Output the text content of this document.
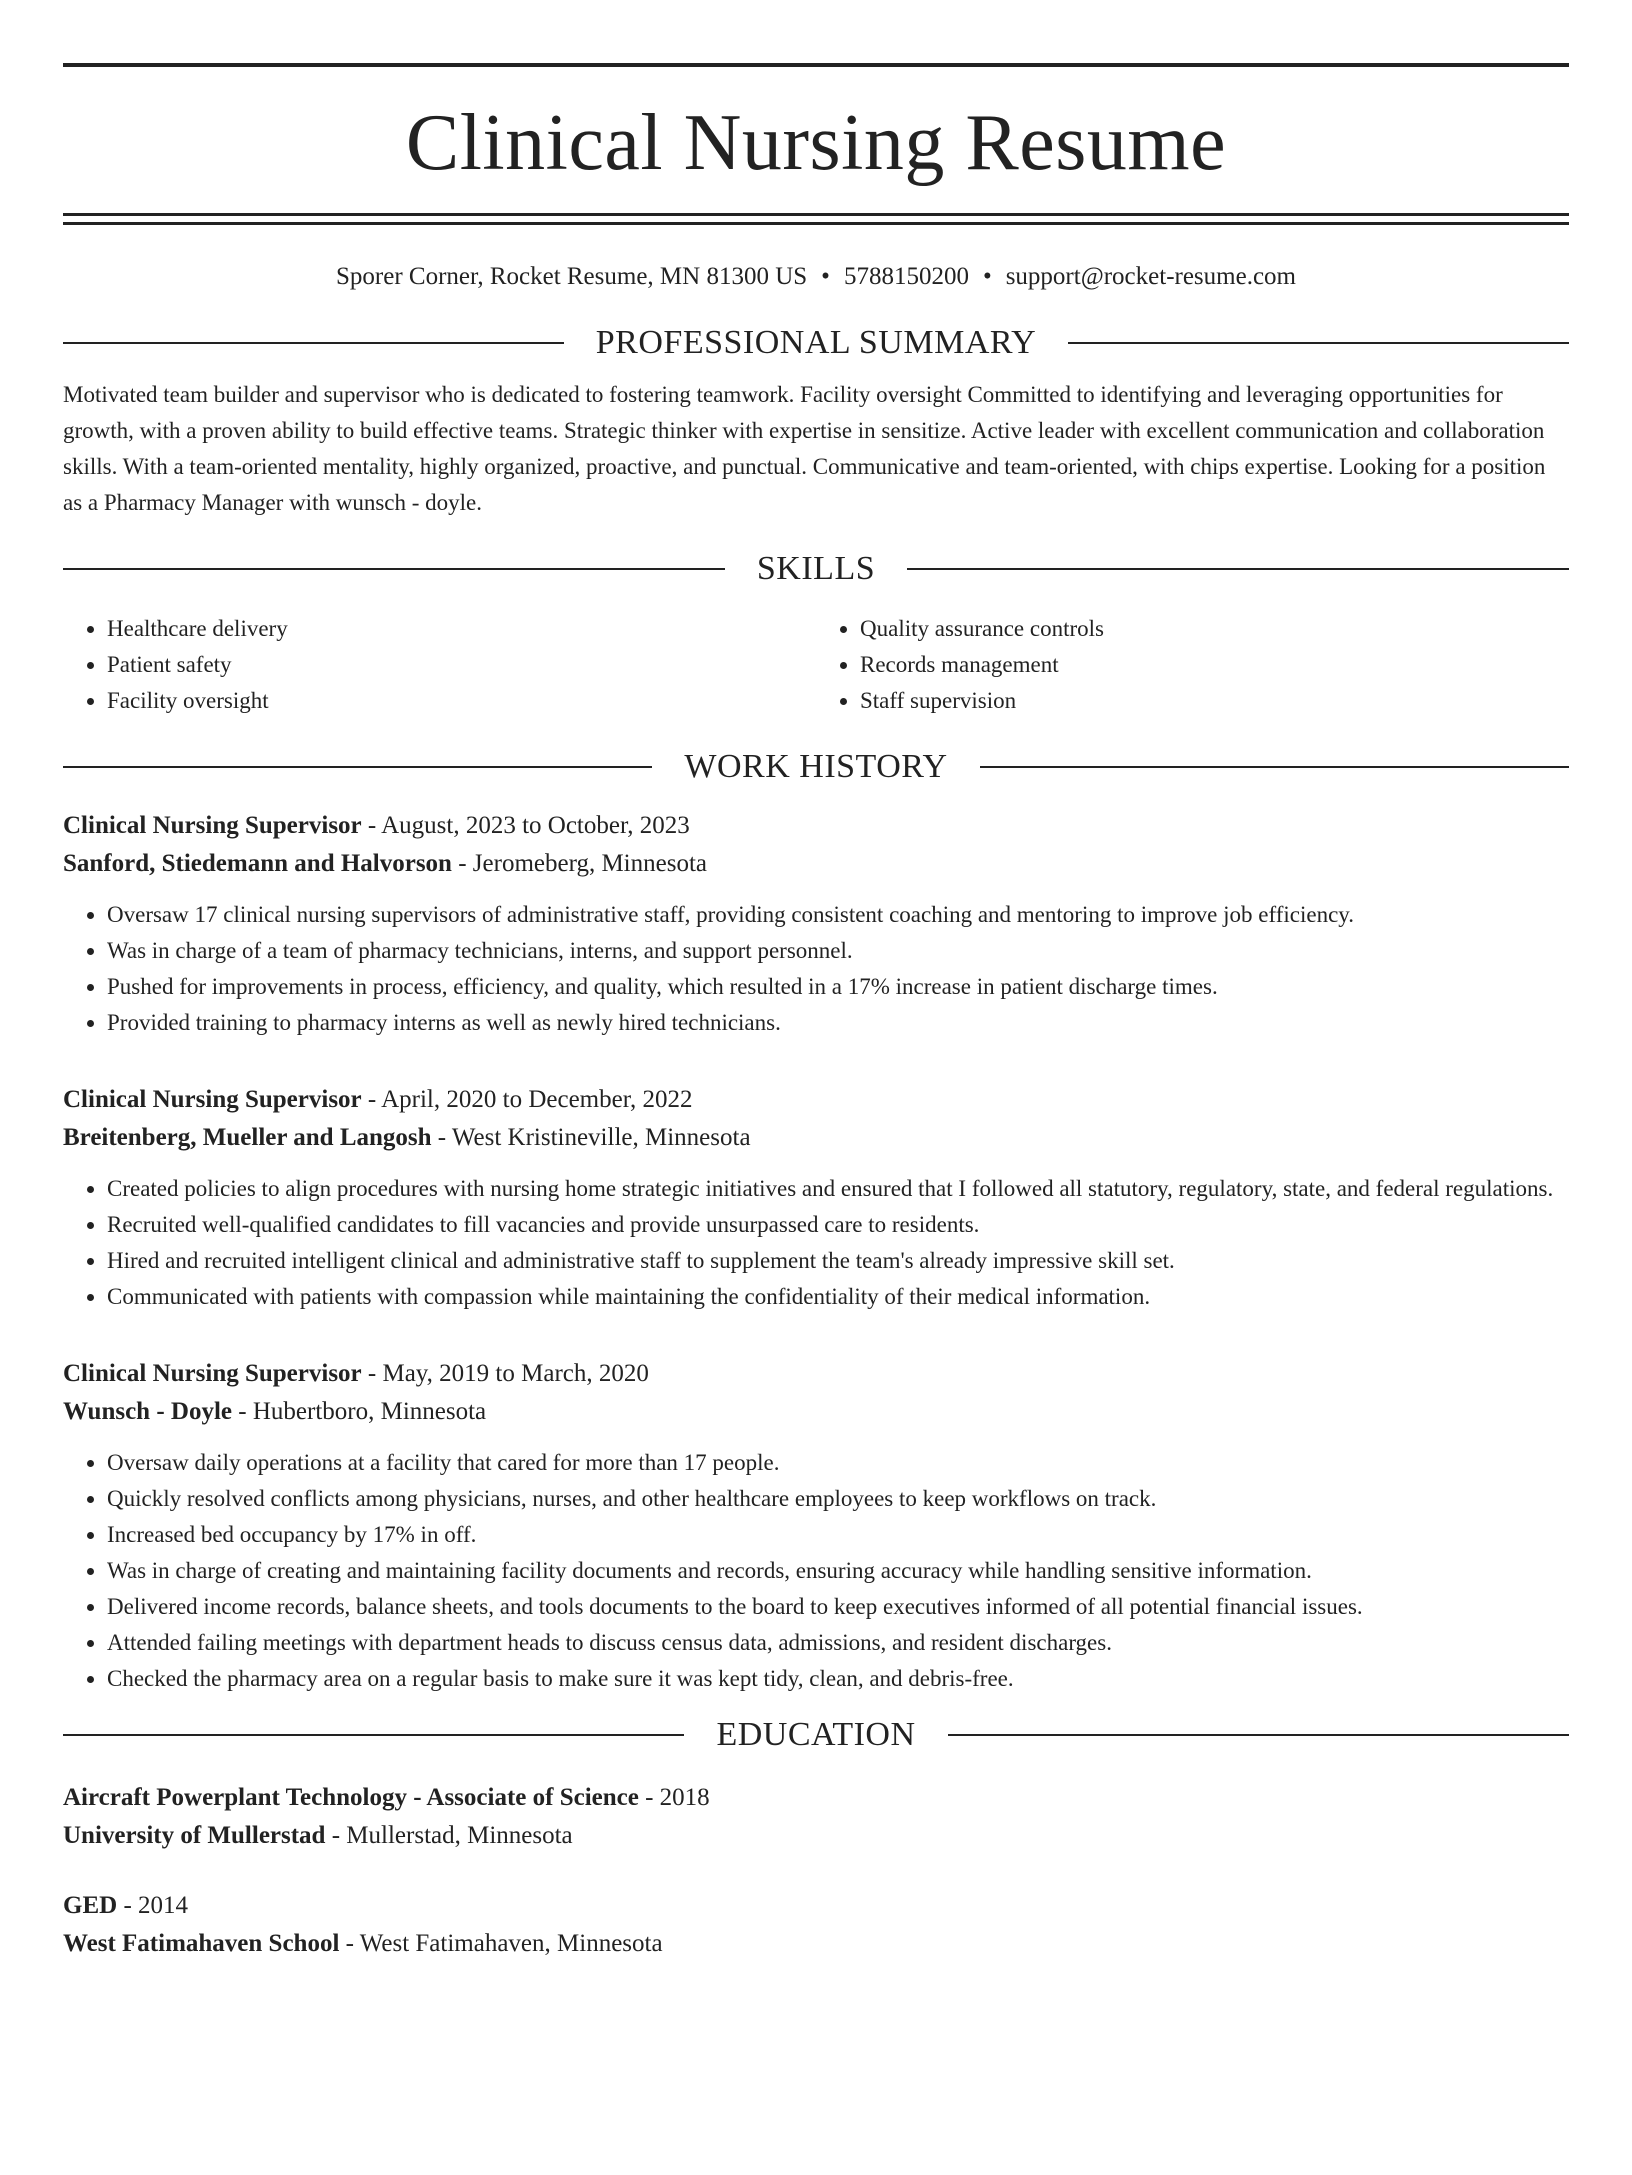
Clinical Nursing Resume
Sporer Corner, Rocket Resume, MN 81300 US • 5788150200 • support@rocket-resume.com
PROFESSIONAL SUMMARY
Motivated team builder and supervisor who is dedicated to fostering teamwork. Facility oversight Committed to identifying and leveraging opportunities for growth, with a proven ability to build effective teams. Strategic thinker with expertise in sensitize. Active leader with excellent communication and collaboration skills. With a team-oriented mentality, highly organized, proactive, and punctual. Communicative and team-oriented, with chips expertise. Looking for a position as a Pharmacy Manager with wunsch - doyle.
SKILLS
• Healthcare delivery
• Patient safety
• Facility oversight
• Quality assurance controls
• Records management
• Staff supervision
WORK HISTORY
Clinical Nursing Supervisor - August, 2023 to October, 2023
Sanford, Stiedemann and Halvorson - Jeromeberg, Minnesota
• Oversaw 17 clinical nursing supervisors of administrative staff, providing consistent coaching and mentoring to improve job efficiency.
• Was in charge of a team of pharmacy technicians, interns, and support personnel.
• Pushed for improvements in process, efficiency, and quality, which resulted in a 17% increase in patient discharge times.
• Provided training to pharmacy interns as well as newly hired technicians.
Clinical Nursing Supervisor - April, 2020 to December, 2022
Breitenberg, Mueller and Langosh - West Kristineville, Minnesota
• Created policies to align procedures with nursing home strategic initiatives and ensured that I followed all statutory, regulatory, state, and federal regulations.
• Recruited well-qualified candidates to fill vacancies and provide unsurpassed care to residents.
• Hired and recruited intelligent clinical and administrative staff to supplement the team's already impressive skill set.
• Communicated with patients with compassion while maintaining the confidentiality of their medical information.
Clinical Nursing Supervisor - May, 2019 to March, 2020
Wunsch - Doyle - Hubertboro, Minnesota
• Oversaw daily operations at a facility that cared for more than 17 people.
• Quickly resolved conflicts among physicians, nurses, and other healthcare employees to keep workflows on track.
• Increased bed occupancy by 17% in off.
• Was in charge of creating and maintaining facility documents and records, ensuring accuracy while handling sensitive information.
• Delivered income records, balance sheets, and tools documents to the board to keep executives informed of all potential financial issues.
• Attended failing meetings with department heads to discuss census data, admissions, and resident discharges.
• Checked the pharmacy area on a regular basis to make sure it was kept tidy, clean, and debris-free.
EDUCATION
Aircraft Powerplant Technology - Associate of Science - 2018
University of Mullerstad - Mullerstad, Minnesota
GED - 2014
West Fatimahaven School - West Fatimahaven, Minnesota
